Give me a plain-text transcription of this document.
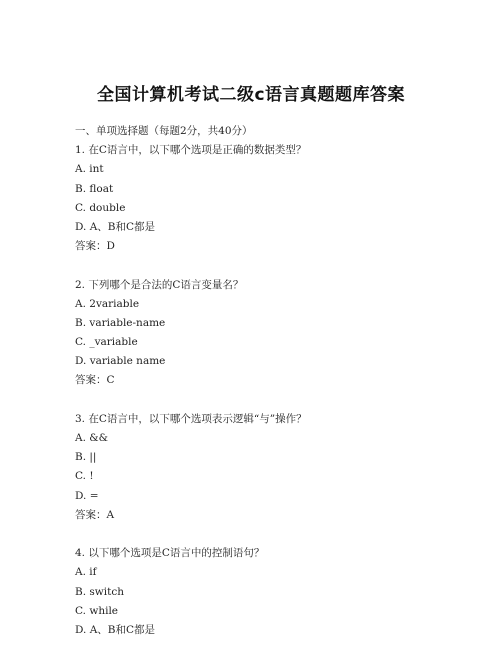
全国计算机考试二级c语言真题题库答案
一、单项选择题（每题2分，共40分）
1. 在C语言中，以下哪个选项是正确的数据类型？
A. int
B. float
C. double
D. A、B和C都是
答案：D
2. 下列哪个是合法的C语言变量名？
A. 2variable
B. variable-name
C. _variable
D. variable name
答案：C
3. 在C语言中，以下哪个选项表示逻辑“与”操作？
A. &&
B. ||
C. !
D. =
答案：A
4. 以下哪个选项是C语言中的控制语句？
A. if
B. switch
C. while
D. A、B和C都是
